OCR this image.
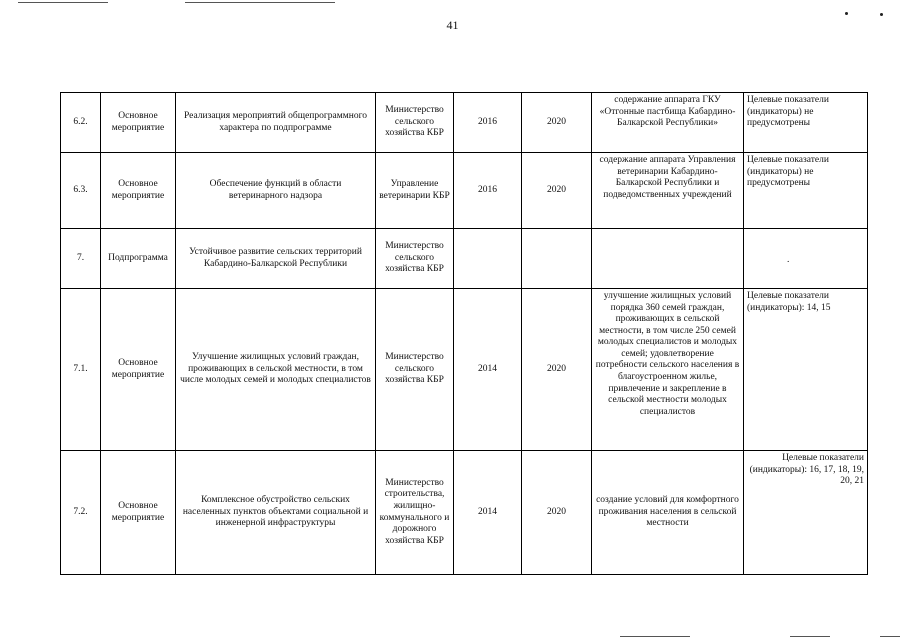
41
6.2.	Основное мероприятие	Реализация мероприятий общепрограммного характера по подпрограмме	Министерство сельского хозяйства КБР	2016	2020	содержание аппарата ГКУ «Отгонные пастбища Кабардино-Балкарской Республики»	Целевые показатели (индикаторы) не предусмотрены
6.3.	Основное мероприятие	Обеспечение функций в области ветеринарного надзора	Управление ветеринарии КБР	2016	2020	содержание аппарата Управления ветеринарии Кабардино-Балкарской Республики и подведомственных учреждений	Целевые показатели (индикаторы) не предусмотрены
7.	Подпрограмма	Устойчивое развитие сельских территорий Кабардино-Балкарской Республики	Министерство сельского хозяйства КБР				.
7.1.	Основное мероприятие	Улучшение жилищных условий граждан, проживающих в сельской местности, в том числе молодых семей и молодых специалистов	Министерство сельского хозяйства КБР	2014	2020	улучшение жилищных условий порядка 360 семей граждан, проживающих в сельской местности, в том числе 250 семей молодых специалистов и молодых семей; удовлетворение потребности сельского населения в благоустроенном жилье, привлечение и закрепление в сельской местности молодых специалистов	Целевые показатели (индикаторы): 14, 15
7.2.	Основное мероприятие	Комплексное обустройство сельских населенных пунктов объектами социальной и инженерной инфраструктуры	Министерство строительства, жилищно-коммунального и дорожного хозяйства КБР	2014	2020	создание условий для комфортного проживания населения в сельской местности	Целевые показатели (индикаторы): 16, 17, 18, 19, 20, 21
